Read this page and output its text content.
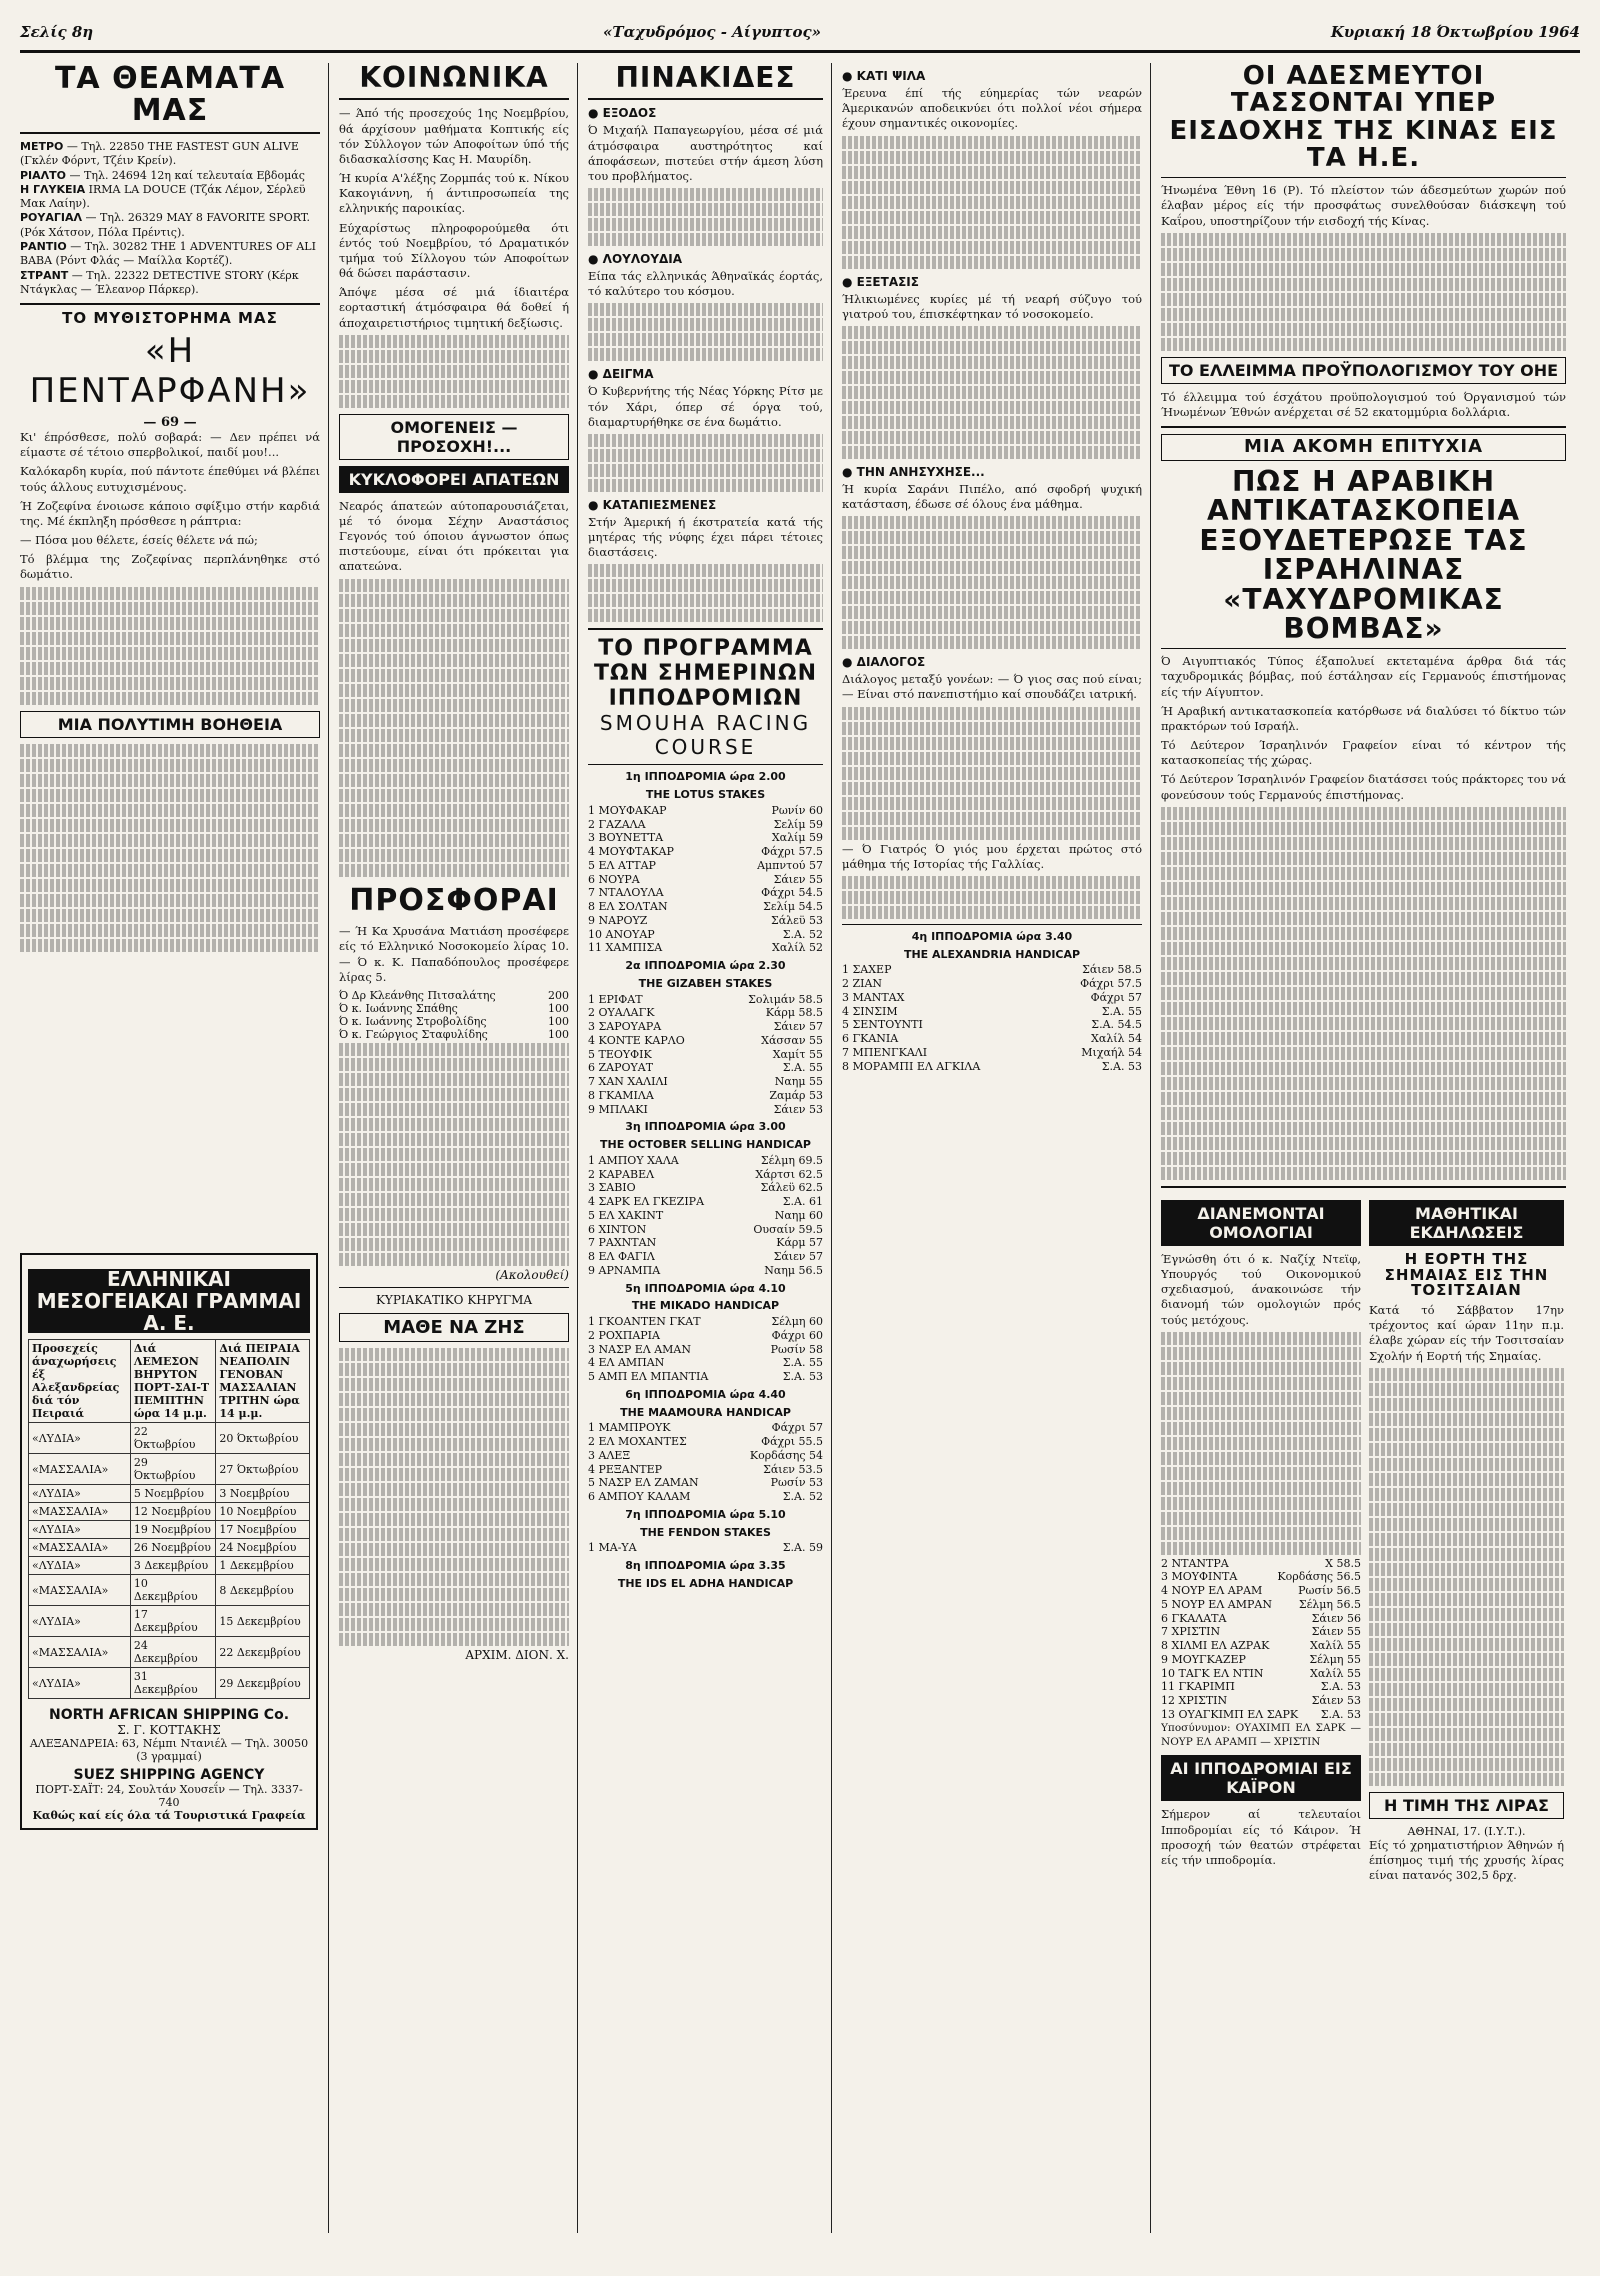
Σελίς 8η	«Ταχυδρόμος - Αίγυπτος»	Κυριακή 18 Όκτωβρίου 1964
ΤΑ ΘΕΑΜΑΤΑ ΜΑΣ
ΜΕΤΡΟ — Τηλ. 22850 THE FASTEST GUN ALIVE (Γκλέν Φόρντ, Τζέιν Κρείν).
ΡΙΑΛΤΟ — Τηλ. 24694 12η καί τελευταία Εβδομάς
Η ΓΛΥΚΕΙΑ IRMA LA DOUCE (Τζάκ Λέμον, Σέρλεϋ Μακ Λαίην).
ΡΟΥΑΓΙΑΛ — Τηλ. 26329 MAY 8 FAVORITE SPORT. (Ρόκ Χάτσον, Πόλα Πρέντις).
ΡΑΝΤΙΟ — Τηλ. 30282 THE 1 ADVENTURES OF ALI BABA (Ρόντ Φλάς — Μαίλλα Κορτέζ).
ΣΤΡΑΝΤ — Τηλ. 22322 DETECTIVE STORY (Κέρκ Ντάγκλας — Έλεανορ Πάρκερ).
ΤΟ ΜΥΘΙΣΤΟΡΗΜΑ ΜΑΣ
«Η ΠΕΝΤΑΡΦΑΝΗ»
— 69 —

Κι' έπρόσθεσε, πολύ σοβαρά: — Δεν πρέπει νά είμαστε σέ τέτοιο σπερβολικοί, παιδί μου!...

Καλόκαρδη κυρία, πού πάντοτε έπεθύμει νά βλέπει τούς άλλους ευτυχισμένους.

Ή Ζοζεφίνα ένοιωσε κάποιο σφίξιμο στήν καρδιά της. Μέ έκπληξη πρόσθεσε η ράπτρια:

— Πόσα μου θέλετε, έσείς θέλετε νά πώ;

Τό βλέμμα της Ζοζεφίνας περπλάνηθηκε στό δωμάτιο.

ΜΙΑ ΠΟΛΥΤΙΜΗ ΒΟΗΘΕΙΑ
ΕΛΛΗΝΙΚΑΙ ΜΕΣΟΓΕΙΑΚΑΙ ΓΡΑΜΜΑΙ Α. Ε.
Προσεχείς άναχωρήσεις έξ Αλεξανδρείας διά τόν Πειραιά	Διά ΛΕΜΕΣΟΝ ΒΗΡΥΤΟΝ ΠΟΡΤ-ΣΑΙ-Τ ΠΕΜΠΤΗΝ ώρα 14 μ.μ.	Διά ΠΕΙΡΑΙΑ ΝΕΑΠΟΛΙΝ ΓΕΝΟΒΑΝ ΜΑΣΣΑΛΙΑΝ ΤΡΙΤΗΝ ώρα 14 μ.μ.
«ΛΥΔΙΑ»	22 Όκτωβρίου	20 Όκτωβρίου
«ΜΑΣΣΑΛΙΑ»	29 Όκτωβρίου	27 Όκτωβρίου
«ΛΥΔΙΑ»	5 Νοεμβρίου	3 Νοεμβρίου
«ΜΑΣΣΑΛΙΑ»	12 Νοεμβρίου	10 Νοεμβρίου
«ΛΥΔΙΑ»	19 Νοεμβρίου	17 Νοεμβρίου
«ΜΑΣΣΑΛΙΑ»	26 Νοεμβρίου	24 Νοεμβρίου
«ΛΥΔΙΑ»	3 Δεκεμβρίου	1 Δεκεμβρίου
«ΜΑΣΣΑΛΙΑ»	10 Δεκεμβρίου	8 Δεκεμβρίου
«ΛΥΔΙΑ»	17 Δεκεμβρίου	15 Δεκεμβρίου
«ΜΑΣΣΑΛΙΑ»	24 Δεκεμβρίου	22 Δεκεμβρίου
«ΛΥΔΙΑ»	31 Δεκεμβρίου	29 Δεκεμβρίου
NORTH AFRICAN SHIPPING Co.
Σ. Γ. ΚΟΤΤΑΚΗΣ
ΑΛΕΞΑΝΔΡΕΙΑ: 63, Νέμπι Ντανιέλ — Τηλ. 30050 (3 γραμμαί)
SUEZ SHIPPING AGENCY
ΠΟΡΤ-ΣΑΪΤ: 24, Σουλτάν Χουσεΐν — Τηλ. 3337-740
Καθώς καί είς όλα τά Τουριστικά Γραφεία
ΚΟΙΝΩΝΙΚΑ

— Άπό τής προσεχούς 1ης Νοεμβρίου, θά άρχίσουν μαθήματα Κοπτικής είς τόν Σύλλογον τών Αποφοίτων ύπό τής διδασκαλίσσης Κας Η. Μαυρίδη.

Ή κυρία Α'λέξης Ζορμπάς τού κ. Νίκου Κακογιάννη, ή άντιπροσωπεία της ελληνικής παροικίας.

Εύχαρίστως πληροφορούμεθα ότι έντός τού Νοεμβρίου, τό Δραματικόν τμήμα τού Σίλλογου τών Αποφοίτων θά δώσει παράστασιν.

Άπόψε μέσα σέ μιά ίδιαιτέρα εορταστική άτμόσφαιρα θά δοθεί ή άποχαιρετιστήριος τιμητική δεξίωσις.

ΟΜΟΓΕΝΕΙΣ — ΠΡΟΣΟΧΗ!...
ΚΥΚΛΟΦΟΡΕΙ ΑΠΑΤΕΩΝ

Νεαρός άπατεών αύτοπαρουσιάζεται, μέ τό όνομα Σέχην Αναστάσιος Γεγονός τού όποιου άγνωστον όπως πιστεύουμε, είναι ότι πρόκειται για απατεώνα.

ΠΡΟΣΦΟΡΑΙ

— Ή Κα Χρυσάνα Ματιάση προσέφερε είς τό Ελληνικό Νοσοκομείο λίρας 10. — Ό κ. Κ. Παπαδόπουλος προσέφερε λίρας 5.

Ό Δρ Κλεάνθης Πιτσαλάτης	200
Ό κ. Ιωάννης Σπάθης	100
Ό κ. Ιωάννης Στροβολίδης	100
Ό κ. Γεώργιος Σταφυλίδης	100
(Ακολουθεί)
ΚΥΡΙΑΚΑΤΙΚΟ ΚΗΡΥΓΜΑ
ΜΑΘΕ ΝΑ ΖΗΣ
ΑΡΧΙΜ. ΔΙΟΝ. Χ.
ΠΙΝΑΚΙΔΕΣ
● ΕΞΟΔΟΣ

Ό Μιχαήλ Παπαγεωργίου, μέσα σέ μιά άτμόσφαιρα αυστηρότητος καί άποφάσεων, πιστεύει στήν άμεση λύση του προβλήματος.

● ΛΟΥΛΟΥΔΙΑ

Είπα τάς ελληνικάς Άθηναϊκάς έορτάς, τό καλύτερο του κόσμου.

● ΔΕΙΓΜΑ

Ό Κυβερνήτης τής Νέας Υόρκης Ρίτσ με τόν Χάρι, όπερ σέ όργα τού, διαμαρτυρήθηκε σε ένα δωμάτιο.

● ΚΑΤΑΠΙΕΣΜΕΝΕΣ

Στήν Άμερική ή έκστρατεία κατά τής μητέρας τής νύφης έχει πάρει τέτοιες διαστάσεις.

ΤΟ ΠΡΟΓΡΑΜΜΑ ΤΩΝ ΣΗΜΕΡΙΝΩΝ ΙΠΠΟΔΡΟΜΙΩΝ
SMOUHA RACING COURSE
1η ΙΠΠΟΔΡΟΜΙΑ ώρα 2.00
THE LOTUS STAKES
1 ΜΟΥΦΑΚΑΡ	Ρωνίν 60
2 ΓΑΖΑΛΑ	Σελίμ 59
3 ΒΟΥΝΕΤΤΑ	Χαλίμ 59
4 ΜΟΥΦΤΑΚΑΡ	Φάχρι 57.5
5 ΕΛ ΑΤΤΑΡ	Αμπντού 57
6 ΝΟΥΡΑ	Σάιεν 55
7 ΝΤΑΛΟΥΛΑ	Φάχρι 54.5
8 ΕΛ ΣΟΛΤΑΝ	Σελίμ 54.5
9 ΝΑΡΟΥΖ	Σάλεϋ 53
10 ΑΝΟΥΑΡ	Σ.Α. 52
11 ΧΑΜΠΙΣΑ	Χαλίλ 52
2α ΙΠΠΟΔΡΟΜΙΑ ώρα 2.30
THE GIZABEH STAKES
1 ΕΡΙΦΑΤ	Σολιμάν 58.5
2 ΟΥΑΛΑΓΚ	Κάρμ 58.5
3 ΣΑΡΟΥΑΡΑ	Σάιεν 57
4 ΚΟΝΤΕ ΚΑΡΛΟ	Χάσσαν 55
5 ΤΕΟΥΦΙΚ	Χαμίτ 55
6 ΖΑΡΟΥΑΤ	Σ.Α. 55
7 ΧΑΝ ΧΑΛΙΛΙ	Ναημ 55
8 ΓΚΑΜΙΛΑ	Ζαμάρ 53
9 ΜΠΛΑΚΙ	Σάιεν 53
3η ΙΠΠΟΔΡΟΜΙΑ ώρα 3.00
THE OCTOBER SELLING HANDICAP
1 ΑΜΠΟΥ ΧΑΛΑ	Σέλμη 69.5
2 ΚΑΡΑΒΕΛ	Χάρτσι 62.5
3 ΣΑΒΙΟ	Σάλεϋ 62.5
4 ΣΑΡΚ ΕΛ ΓΚΕΖΙΡΑ	Σ.Α. 61
5 ΕΛ ΧΑΚΙΝΤ	Ναημ 60
6 ΧΙΝΤΟΝ	Ουσαίν 59.5
7 ΡΑΧΝΤΑΝ	Κάρμ 57
8 ΕΛ ΦΑΓΙΛ	Σάιεν 57
9 ΑΡΝΑΜΠΑ	Ναημ 56.5
5η ΙΠΠΟΔΡΟΜΙΑ ώρα 4.10
THE MIKADO HANDICAP
1 ΓΚΟΑΝΤΕΝ ΓΚΑΤ	Σέλμη 60
2 ΡΟΧΠΑΡΙΑ	Φάχρι 60
3 ΝΑΣΡ ΕΛ ΑΜΑΝ	Ρωσίν 58
4 ΕΛ ΑΜΠΑΝ	Σ.Α. 55
5 ΑΜΠ ΕΛ ΜΠΑΝΤΙΑ	Σ.Α. 53
6η ΙΠΠΟΔΡΟΜΙΑ ώρα 4.40
THE MAAMOURA HANDICAP
1 ΜΑΜΠΡΟΥΚ	Φάχρι 57
2 ΕΛ ΜΟΧΑΝΤΕΣ	Φάχρι 55.5
3 ΑΛΕΞ	Κορδάσης 54
4 ΡΕΞΑΝΤΕΡ	Σάιεν 53.5
5 ΝΑΣΡ ΕΛ ΖΑΜΑΝ	Ρωσίν 53
6 ΑΜΠΟΥ ΚΑΛΑΜ	Σ.Α. 52
7η ΙΠΠΟΔΡΟΜΙΑ ώρα 5.10
THE FENDON STAKES
1 ΜΑ-ΥΑ	Σ.Α. 59
8η ΙΠΠΟΔΡΟΜΙΑ ώρα 3.35
THE IDS EL ADHA HANDICAP
● ΚΑΤΙ ΨΙΛΑ

Έρευνα έπί τής εύημερίας τών νεαρών Άμερικανών αποδεικνύει ότι πολλοί νέοι σήμερα έχουν σημαντικές οικονομίες.

● ΕΞΕΤΑΣΙΣ

Ήλικιωμένες κυρίες μέ τή νεαρή σύζυγο τού γιατρού του, έπισκέφτηκαν τό νοσοκομείο.

● ΤΗΝ ΑΝΗΣΥΧΗΣΕ...

Ή κυρία Σαράνι Πιπέλο, από σφοδρή ψυχική κατάσταση, έδωσε σέ όλους ένα μάθημα.

● ΔΙΑΛΟΓΟΣ

Διάλογος μεταξύ γονέων: — Ό γιος σας πού είναι; — Είναι στό πανεπιστήμιο καί σπουδάζει ιατρική.

— Ό Γιατρός Ό γιός μου έρχεται πρώτος στό μάθημα τής Ιστορίας τής Γαλλίας.

4η ΙΠΠΟΔΡΟΜΙΑ ώρα 3.40
THE ALEXANDRIA HANDICAP
1 ΣΑΧΕΡ	Σάιεν 58.5
2 ΖΙΑΝ	Φάχρι 57.5
3 ΜΑΝΤΑΧ	Φάχρι 57
4 ΣΙΝΣΙΜ	Σ.Α. 55
5 ΣΕΝΤΟΥΝΤΙ	Σ.Α. 54.5
6 ΓΚΑΝΙΑ	Χαλίλ 54
7 ΜΠΕΝΓΚΑΛΙ	Μιχαήλ 54
8 ΜΟΡΑΜΠΙ ΕΛ ΑΓΚΙΛΑ	Σ.Α. 53
ΟΙ ΑΔΕΣΜΕΥΤΟΙ ΤΑΣΣΟΝΤΑΙ ΥΠΕΡ ΕΙΣΔΟΧΗΣ ΤΗΣ ΚΙΝΑΣ ΕΙΣ ΤΑ Η.Ε.

Ήνωμένα Έθνη 16 (Ρ). Τό πλείστον τών άδεσμεύτων χωρών πού έλαβαν μέρος είς τήν προσφάτως συνελθούσαν διάσκεψη τού Καΐρου, υποστηρίζουν τήν εισδοχή τής Κίνας.

ΤΟ ΕΛΛΕΙΜΜΑ ΠΡΟΫΠΟΛΟΓΙΣΜΟΥ ΤΟΥ ΟΗΕ

Τό έλλειμμα τού έσχάτου προϋπολογισμού τού Όργανισμού τών Ήνωμένων Έθνών ανέρχεται σέ 52 εκατομμύρια δολλάρια.

ΜΙΑ ΑΚΟΜΗ ΕΠΙΤΥΧΙΑ
ΠΩΣ Η ΑΡΑΒΙΚΗ ΑΝΤΙΚΑΤΑΣΚΟΠΕΙΑ ΕΞΟΥΔΕΤΕΡΩΣΕ ΤΑΣ ΙΣΡΑΗΛΙΝΑΣ «ΤΑΧΥΔΡΟΜΙΚΑΣ ΒΟΜΒΑΣ»

Ό Αιγυπτιακός Τύπος έξαπολυεί εκτεταμένα άρθρα διά τάς ταχυδρομικάς βόμβας, πού έστάλησαν είς Γερμανούς έπιστήμονας είς τήν Αίγυπτον.

Ή Αραβική αντικατασκοπεία κατόρθωσε νά διαλύσει τό δίκτυο τών πρακτόρων τού Ισραήλ.

Τό Δεύτερον Ίσραηλινόν Γραφείον είναι τό κέντρον τής κατασκοπείας τής χώρας.

Τό Δεύτερον Ίσραηλινόν Γραφείον διατάσσει τούς πράκτορες του νά φονεύσουν τούς Γερμανούς έπιστήμονας.

ΔΙΑΝΕΜΟΝΤΑΙ ΟΜΟΛΟΓΙΑΙ

Έγνώσθη ότι ό κ. Ναζίχ Ντεϊφ, Υπουργός τού Οικονομικού σχεδιασμού, άνακοινώσε τήν διανομή τών ομολογιών πρός τούς μετόχους.

2 ΝΤΑΝΤΡΑ	Χ 58.5
3 ΜΟΥΦΙΝΤΑ	Κορδάσης 56.5
4 ΝΟΥΡ ΕΛ ΑΡΑΜ	Ρωσίν 56.5
5 ΝΟΥΡ ΕΛ ΑΜΡΑΝ Σέλμη 56.5
6 ΓΚΑΛΑΤΑ	Σάιεν 56
7 ΧΡΙΣΤΙΝ	Σάιεν 55
8 ΧΙΛΜΙ ΕΛ ΑΖΡΑΚ	Χαλίλ 55
9 ΜΟΥΓΚΑΖΕΡ	Σέλμη 55
10 ΤΑΓΚ ΕΛ ΝΤΙΝ	Χαλίλ 55
11 ΓΚΑΡΙΜΠ	Σ.Α. 53
12 ΧΡΙΣΤΙΝ	Σάιεν 53
13 ΟΥΑΓΚΙΜΠ ΕΛ ΣΑΡΚ Σ.Α. 53

Υποσύνυμον: ΟΥΑΧΙΜΠ ΕΛ ΣΑΡΚ — ΝΟΥΡ ΕΛ ΑΡΑΜΠ — ΧΡΙΣΤΙΝ

ΑΙ ΙΠΠΟΔΡΟΜΙΑΙ ΕΙΣ ΚΑΪΡΟΝ

Σήμερον αί τελευταίοι Ιπποδρομίαι είς τό Κάιρον. Ή προσοχή τών θεατών στρέφεται είς τήν ιπποδρομία.

ΜΑΘΗΤΙΚΑΙ ΕΚΔΗΛΩΣΕΙΣ
Η ΕΟΡΤΗ ΤΗΣ ΣΗΜΑΙΑΣ ΕΙΣ ΤΗΝ ΤΟΣΙΤΣΑΙΑΝ

Κατά τό Σάββατον 17ην τρέχοντος καί ώραν 11ην π.μ. έλαβε χώραν είς τήν Τοσιτσαίαν Σχολήν ή Εορτή τής Σημαίας.

Η ΤΙΜΗ ΤΗΣ ΛΙΡΑΣ
ΑΘΗΝΑΙ, 17. (Ι.Υ.Τ.).

Είς τό χρηματιστήριον Άθηνών ή έπίσημος τιμή τής χρυσής λίρας είναι πατανός 302,5 δρχ.
